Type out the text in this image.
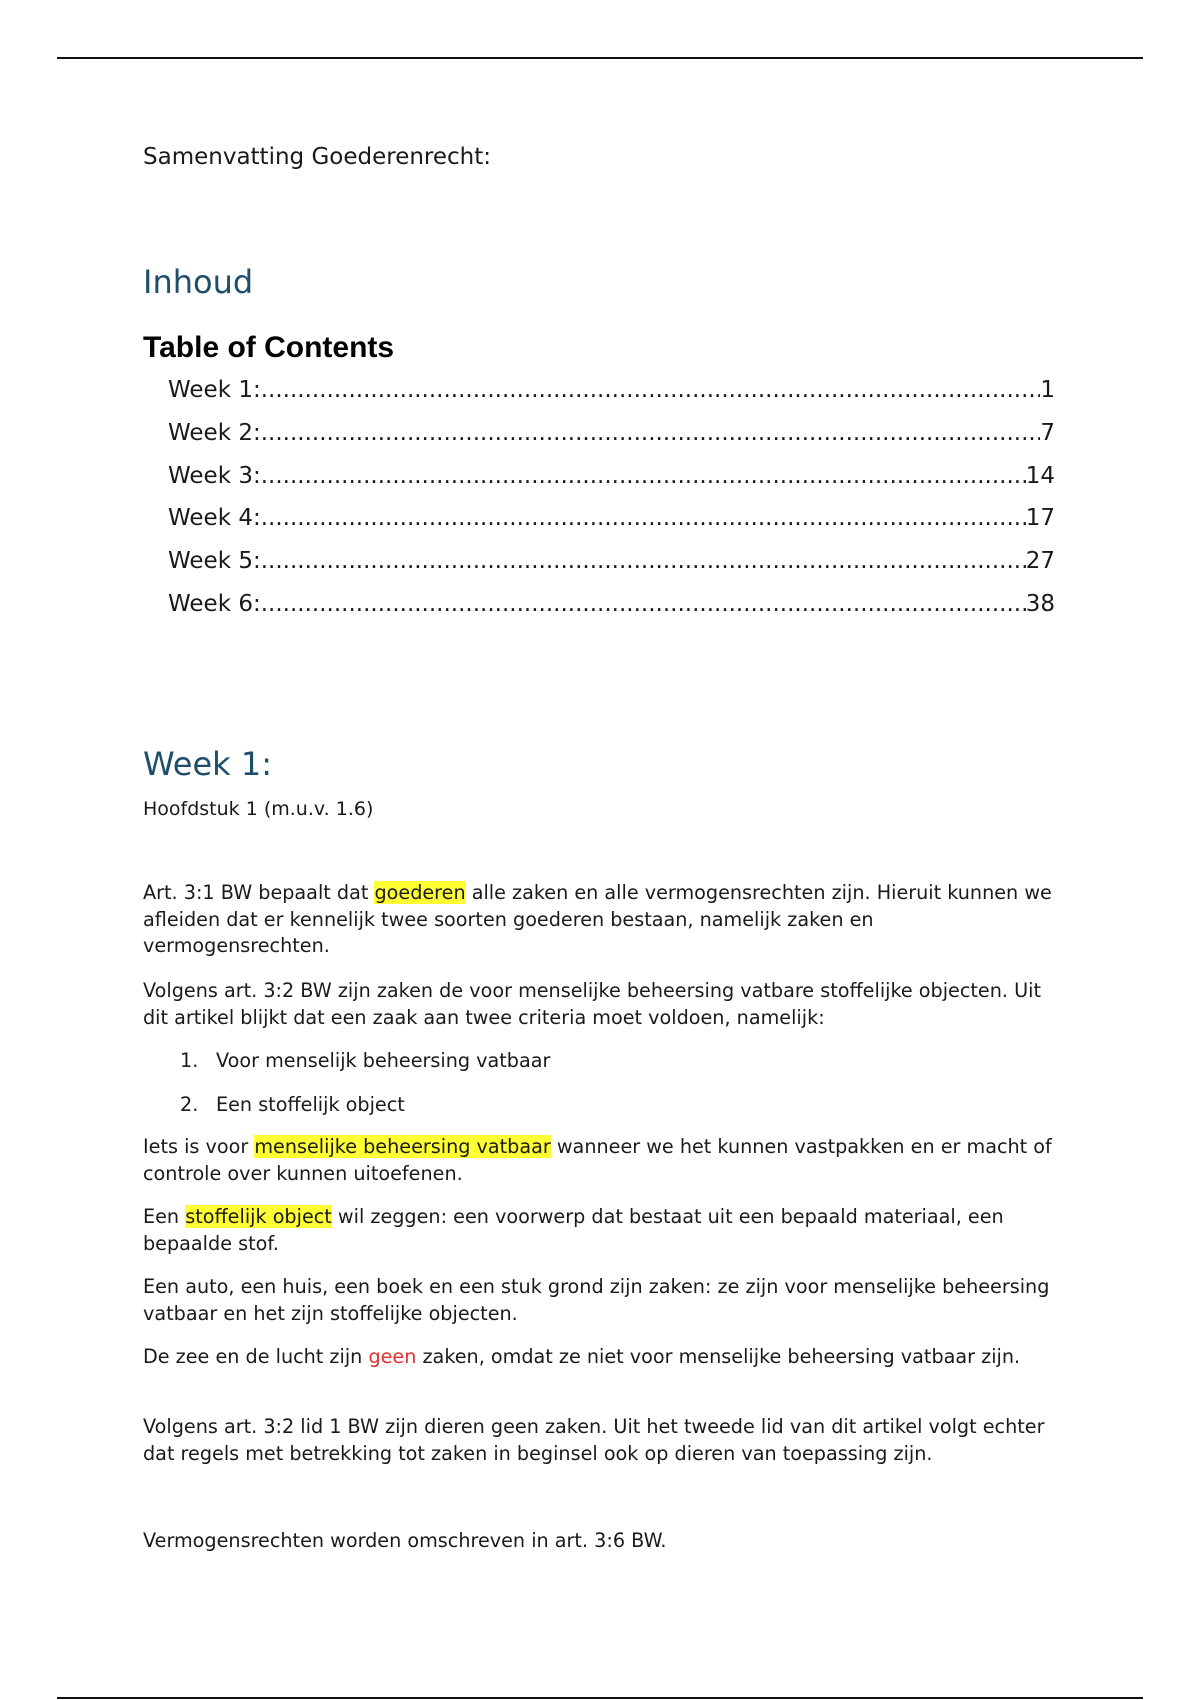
Samenvatting Goederenrecht:
Inhoud
Table of Contents
Week 1: .....	1
Week 2: .....	7
Week 3: .....	14
Week 4: .....	17
Week 5: .....	27
Week 6: .....	38
Week 1:
Hoofdstuk 1 (m.u.v. 1.6)

Art. 3:1 BW bepaalt dat goederen alle zaken en alle vermogensrechten zijn. Hieruit kunnen we afleiden dat er kennelijk twee soorten goederen bestaan, namelijk zaken en vermogensrechten.

Volgens art. 3:2 BW zijn zaken de voor menselijke beheersing vatbare stoffelijke objecten. Uit dit artikel blijkt dat een zaak aan twee criteria moet voldoen, namelijk:

1. Voor menselijk beheersing vatbaar
2. Een stoffelijk object

Iets is voor menselijke beheersing vatbaar wanneer we het kunnen vastpakken en er macht of controle over kunnen uitoefenen.

Een stoffelijk object wil zeggen: een voorwerp dat bestaat uit een bepaald materiaal, een bepaalde stof.

Een auto, een huis, een boek en een stuk grond zijn zaken: ze zijn voor menselijke beheersing vatbaar en het zijn stoffelijke objecten.

De zee en de lucht zijn geen zaken, omdat ze niet voor menselijke beheersing vatbaar zijn.

Volgens art. 3:2 lid 1 BW zijn dieren geen zaken. Uit het tweede lid van dit artikel volgt echter dat regels met betrekking tot zaken in beginsel ook op dieren van toepassing zijn.

Vermogensrechten worden omschreven in art. 3:6 BW.
